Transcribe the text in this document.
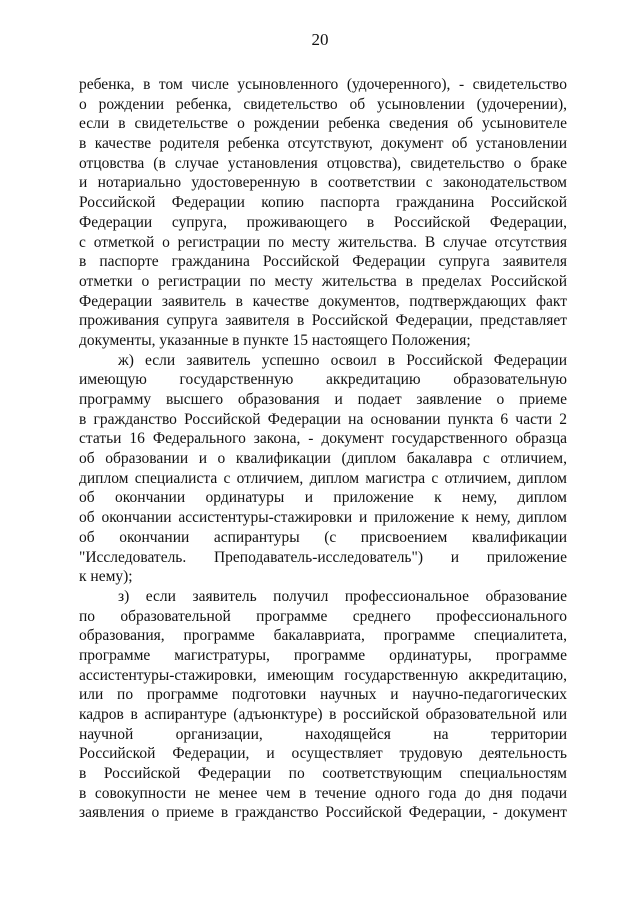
20
ребенка, в том числе усыновленного (удочеренного), - свидетельство
о рождении ребенка, свидетельство об усыновлении (удочерении),
если в свидетельстве о рождении ребенка сведения об усыновителе
в качестве родителя ребенка отсутствуют, документ об установлении
отцовства (в случае установления отцовства), свидетельство о браке
и нотариально удостоверенную в соответствии с законодательством
Российской Федерации копию паспорта гражданина Российской
Федерации супруга, проживающего в Российской Федерации,
с отметкой о регистрации по месту жительства. В случае отсутствия
в паспорте гражданина Российской Федерации супруга заявителя
отметки о регистрации по месту жительства в пределах Российской
Федерации заявитель в качестве документов, подтверждающих факт
проживания супруга заявителя в Российской Федерации, представляет
документы, указанные в пункте 15 настоящего Положения;
ж) если заявитель успешно освоил в Российской Федерации
имеющую государственную аккредитацию образовательную
программу высшего образования и подает заявление о приеме
в гражданство Российской Федерации на основании пункта 6 части 2
статьи 16 Федерального закона, - документ государственного образца
об образовании и о квалификации (диплом бакалавра с отличием,
диплом специалиста с отличием, диплом магистра с отличием, диплом
об окончании ординатуры и приложение к нему, диплом
об окончании ассистентуры-стажировки и приложение к нему, диплом
об окончании аспирантуры (с присвоением квалификации
"Исследователь. Преподаватель-исследователь") и приложение
к нему);
з) если заявитель получил профессиональное образование
по образовательной программе среднего профессионального
образования, программе бакалавриата, программе специалитета,
программе магистратуры, программе ординатуры, программе
ассистентуры-стажировки, имеющим государственную аккредитацию,
или по программе подготовки научных и научно-педагогических
кадров в аспирантуре (адъюнктуре) в российской образовательной или
научной организации, находящейся на территории
Российской Федерации, и осуществляет трудовую деятельность
в Российской Федерации по соответствующим специальностям
в совокупности не менее чем в течение одного года до дня подачи
заявления о приеме в гражданство Российской Федерации, - документ
